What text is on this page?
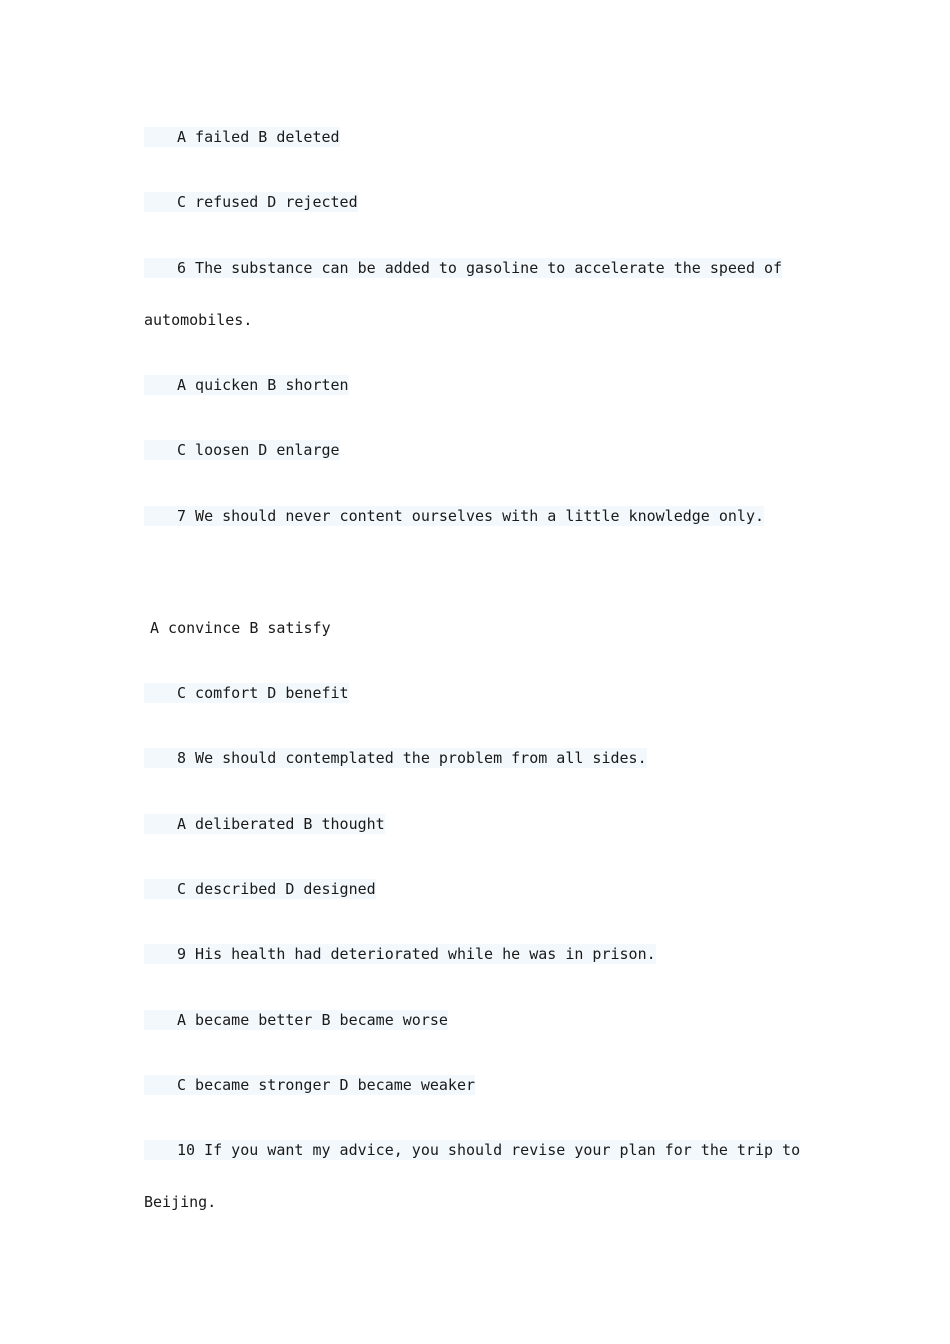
A failed B deleted
C refused D rejected
6 The substance can be added to gasoline to accelerate the speed of
automobiles.
A quicken B shorten
C loosen D enlarge
7 We should never content ourselves with a little knowledge only.
A convince B satisfy
C comfort D benefit
8 We should contemplated the problem from all sides.
A deliberated B thought
C described D designed
9 His health had deteriorated while he was in prison.
A became better B became worse
C became stronger D became weaker
10 If you want my advice, you should revise your plan for the trip to
Beijing.
